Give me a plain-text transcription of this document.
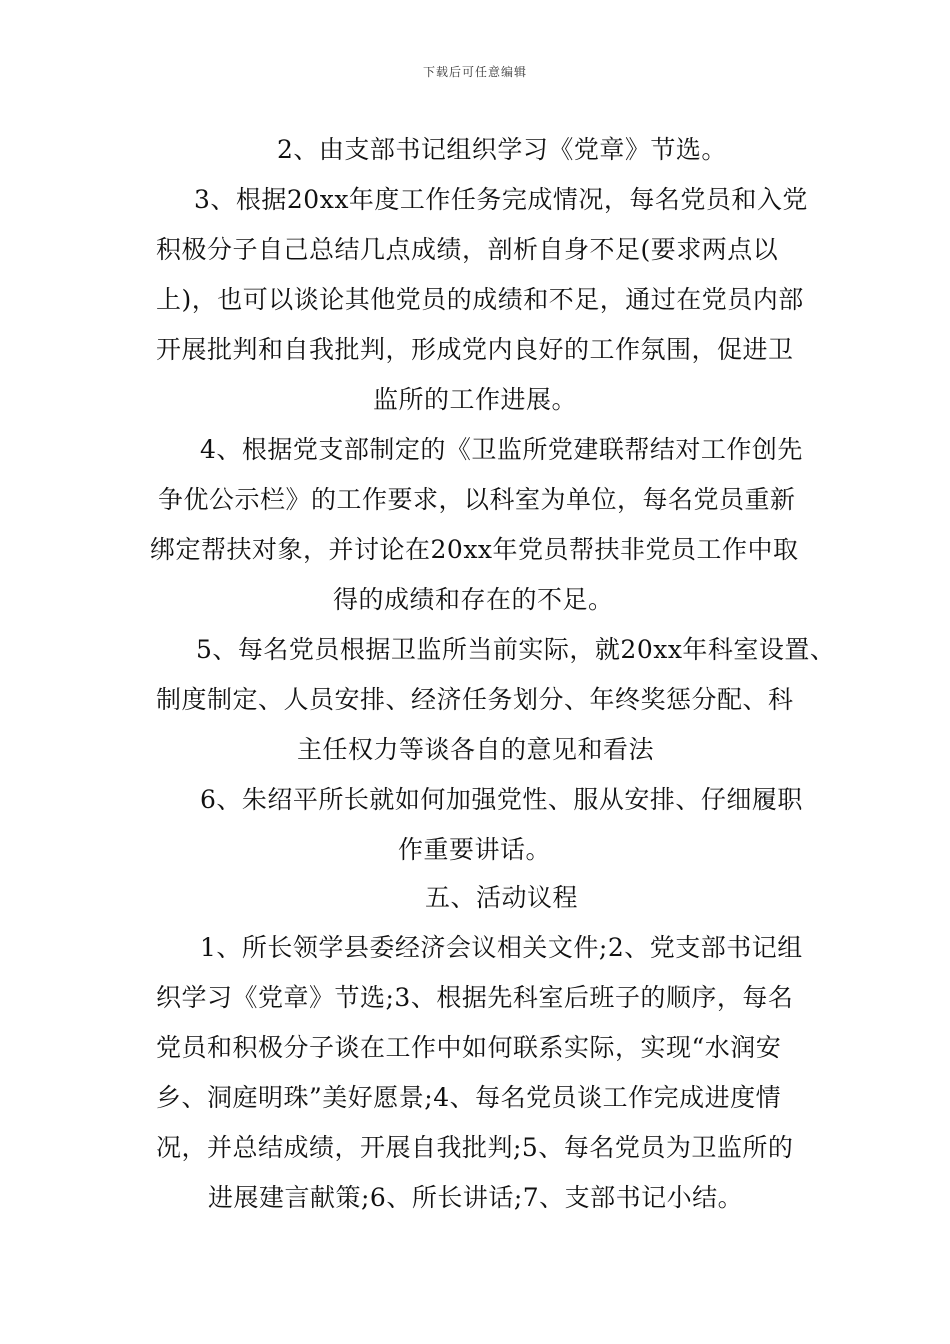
下载后可任意编辑
2、由支部书记组织学习《党章》节选。
3、根据20xx年度工作任务完成情况，每名党员和入党
积极分子自己总结几点成绩，剖析自身不足(要求两点以
上)，也可以谈论其他党员的成绩和不足，通过在党员内部
开展批判和自我批判，形成党内良好的工作氛围，促进卫
监所的工作进展。
4、根据党支部制定的《卫监所党建联帮结对工作创先
争优公示栏》的工作要求，以科室为单位，每名党员重新
绑定帮扶对象，并讨论在20xx年党员帮扶非党员工作中取
得的成绩和存在的不足。
5、每名党员根据卫监所当前实际，就20xx年科室设置、
制度制定、人员安排、经济任务划分、年终奖惩分配、科
主任权力等谈各自的意见和看法
6、朱绍平所长就如何加强党性、服从安排、仔细履职
作重要讲话。
五、活动议程
1、所长领学县委经济会议相关文件;2、党支部书记组
织学习《党章》节选;3、根据先科室后班子的顺序，每名
党员和积极分子谈在工作中如何联系实际，实现“水润安
乡、洞庭明珠”美好愿景;4、每名党员谈工作完成进度情
况，并总结成绩，开展自我批判;5、每名党员为卫监所的
进展建言献策;6、所长讲话;7、支部书记小结。
